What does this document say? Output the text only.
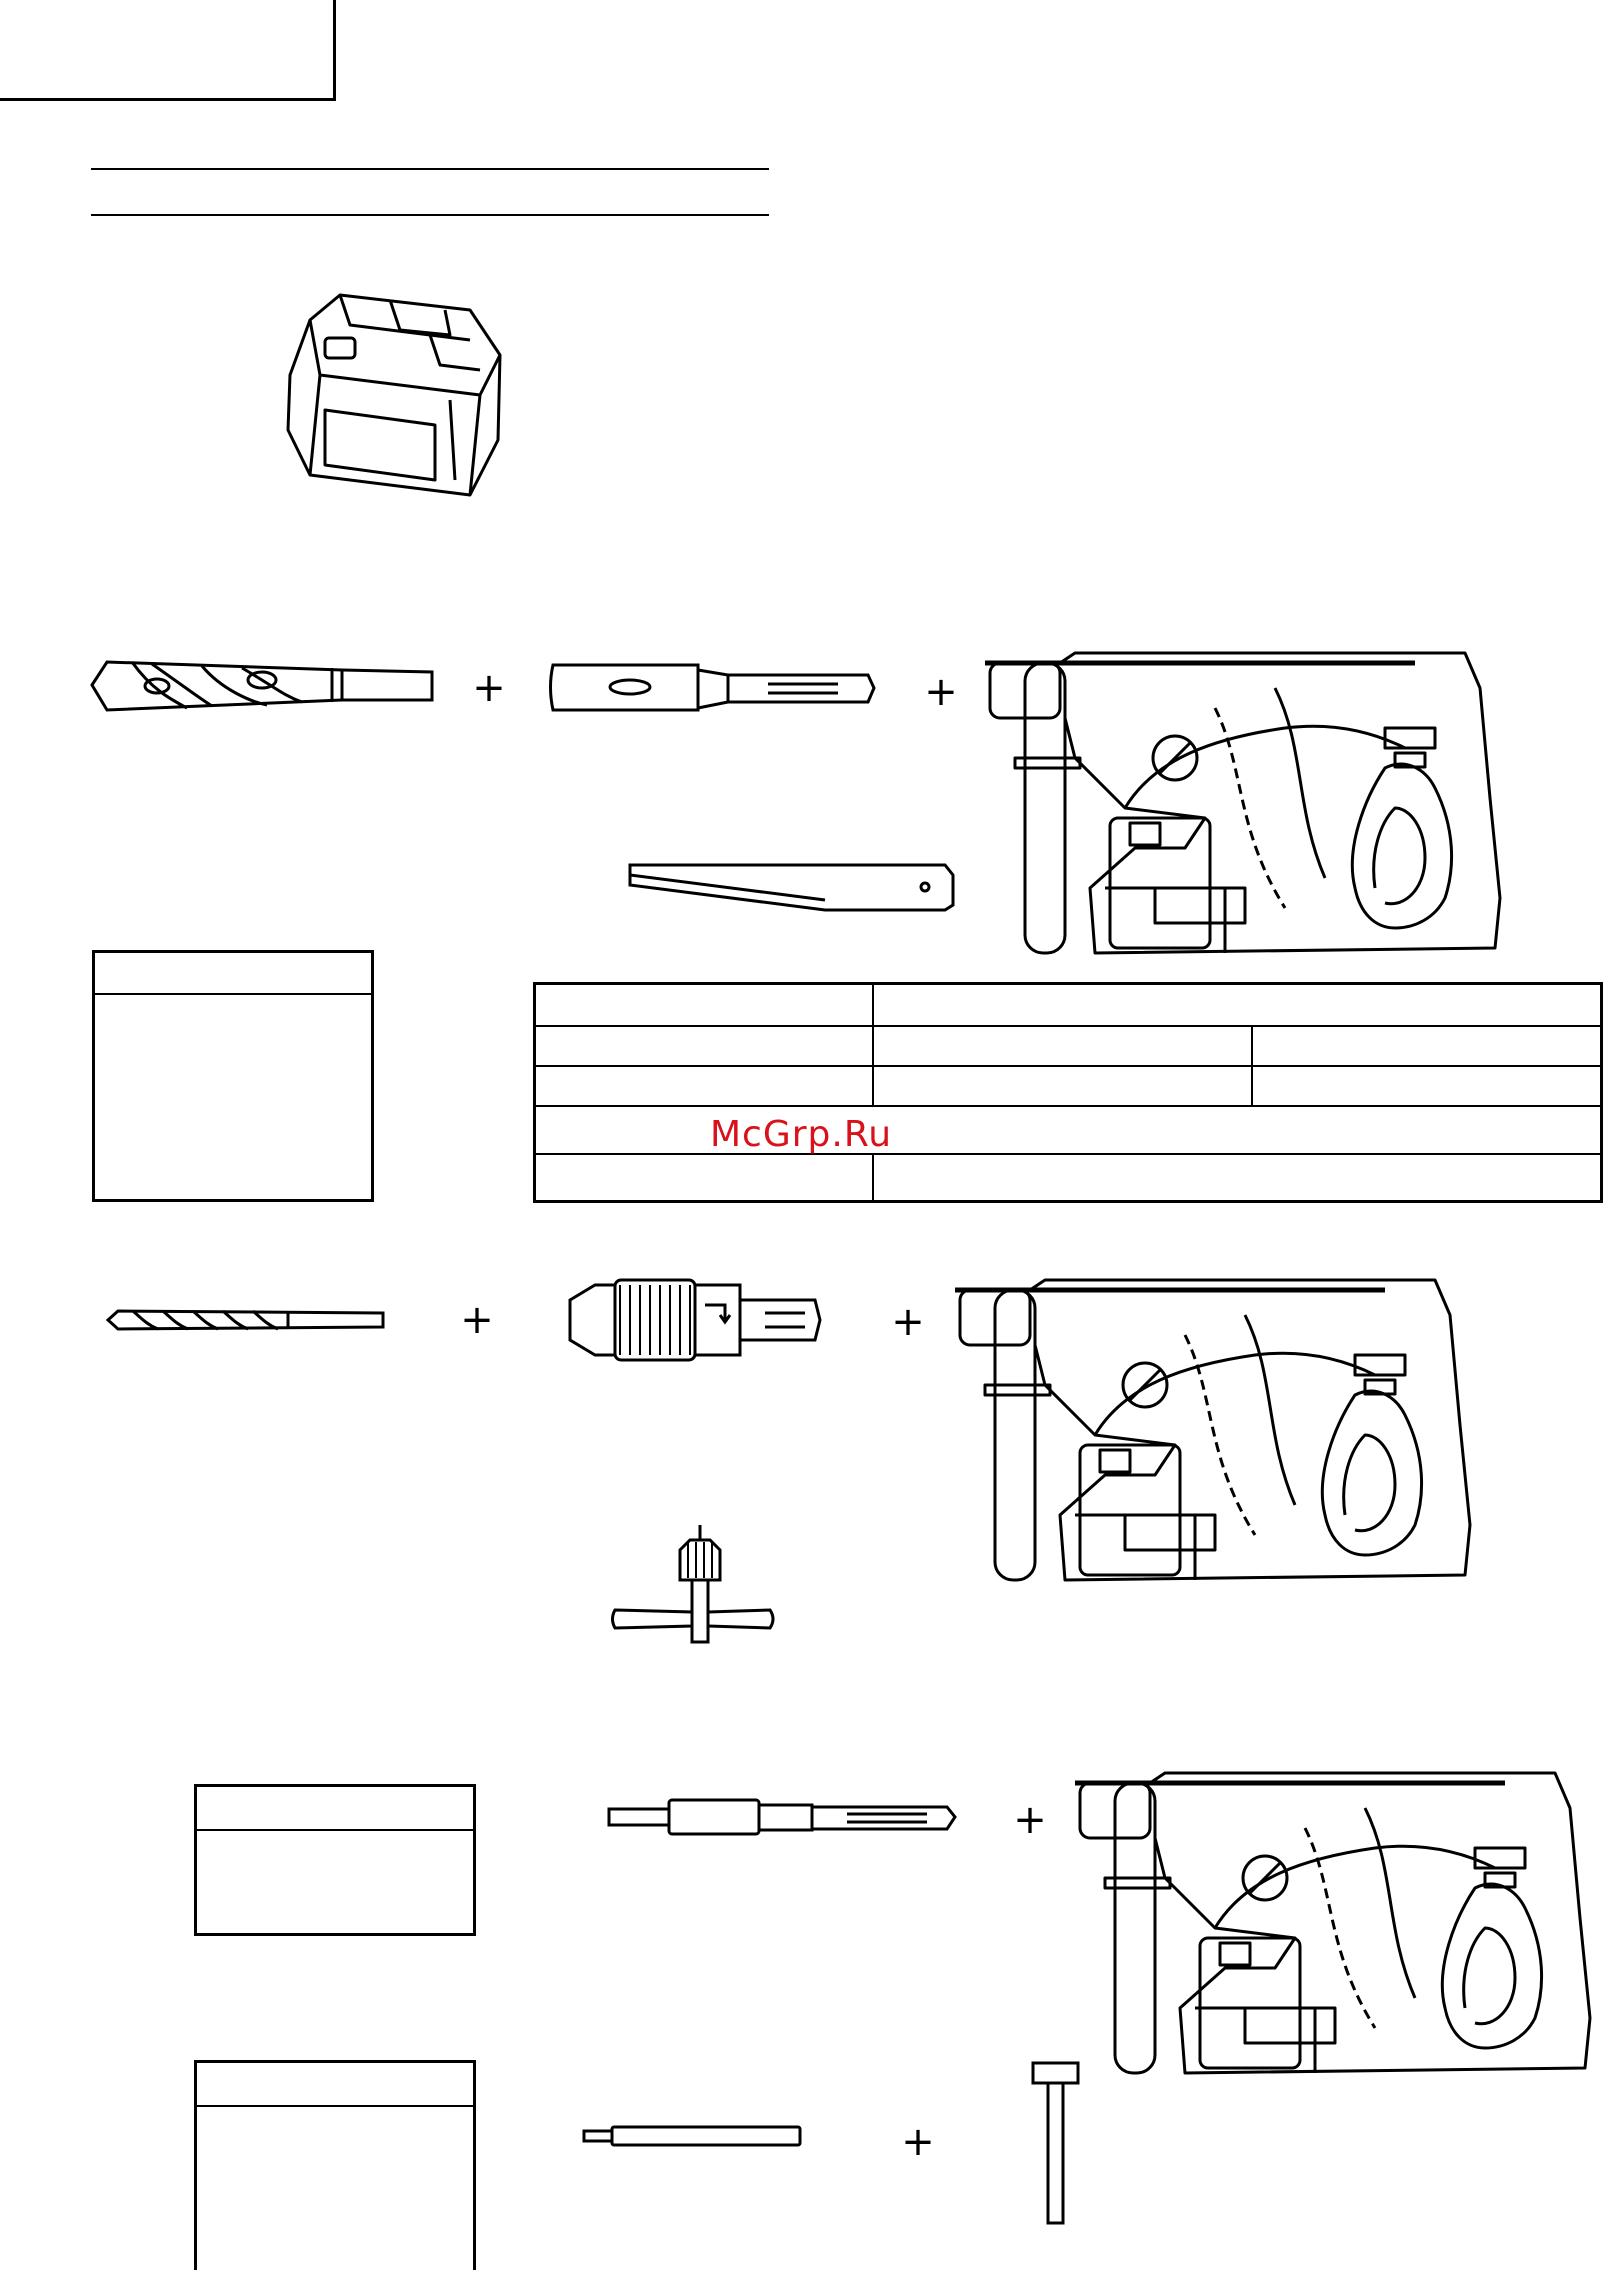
+	+

McGrp.Ru
+	+
+
+
